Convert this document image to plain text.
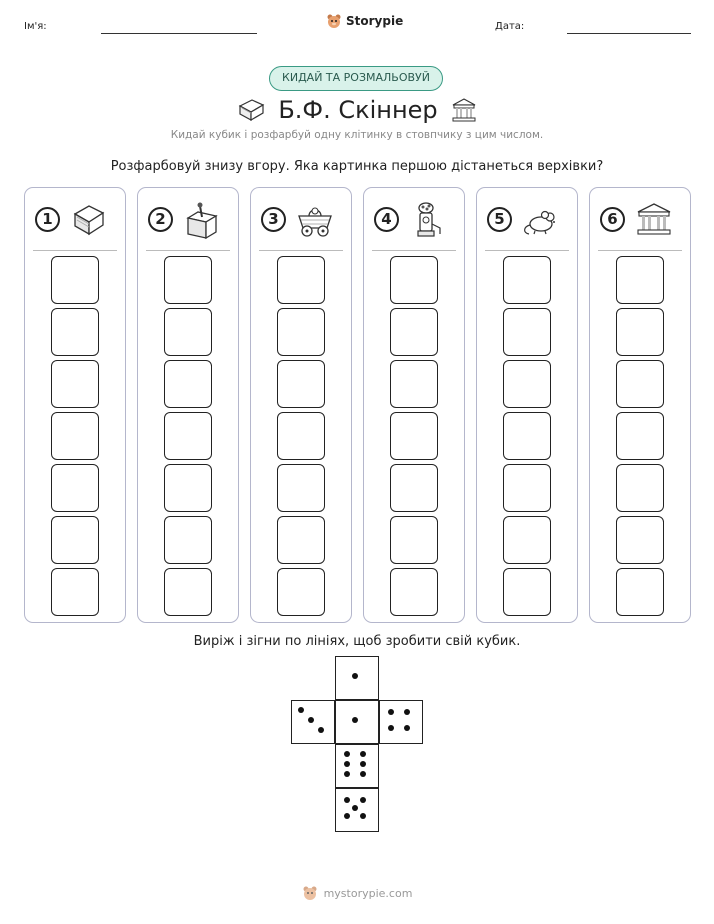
Ім'я:	Storypie	Дата:
КИДАЙ ТА РОЗМАЛЬОВУЙ
Б.Ф. Скіннер
Кидай кубик і розфарбуй одну клітинку в стовпчику з цим числом.
Розфарбовуй знизу вгору. Яка картинка першою дістанеться верхівки?
1	2	3	4	5	6
Виріж і зігни по лініях, щоб зробити свій кубик.
mystorypie.com
